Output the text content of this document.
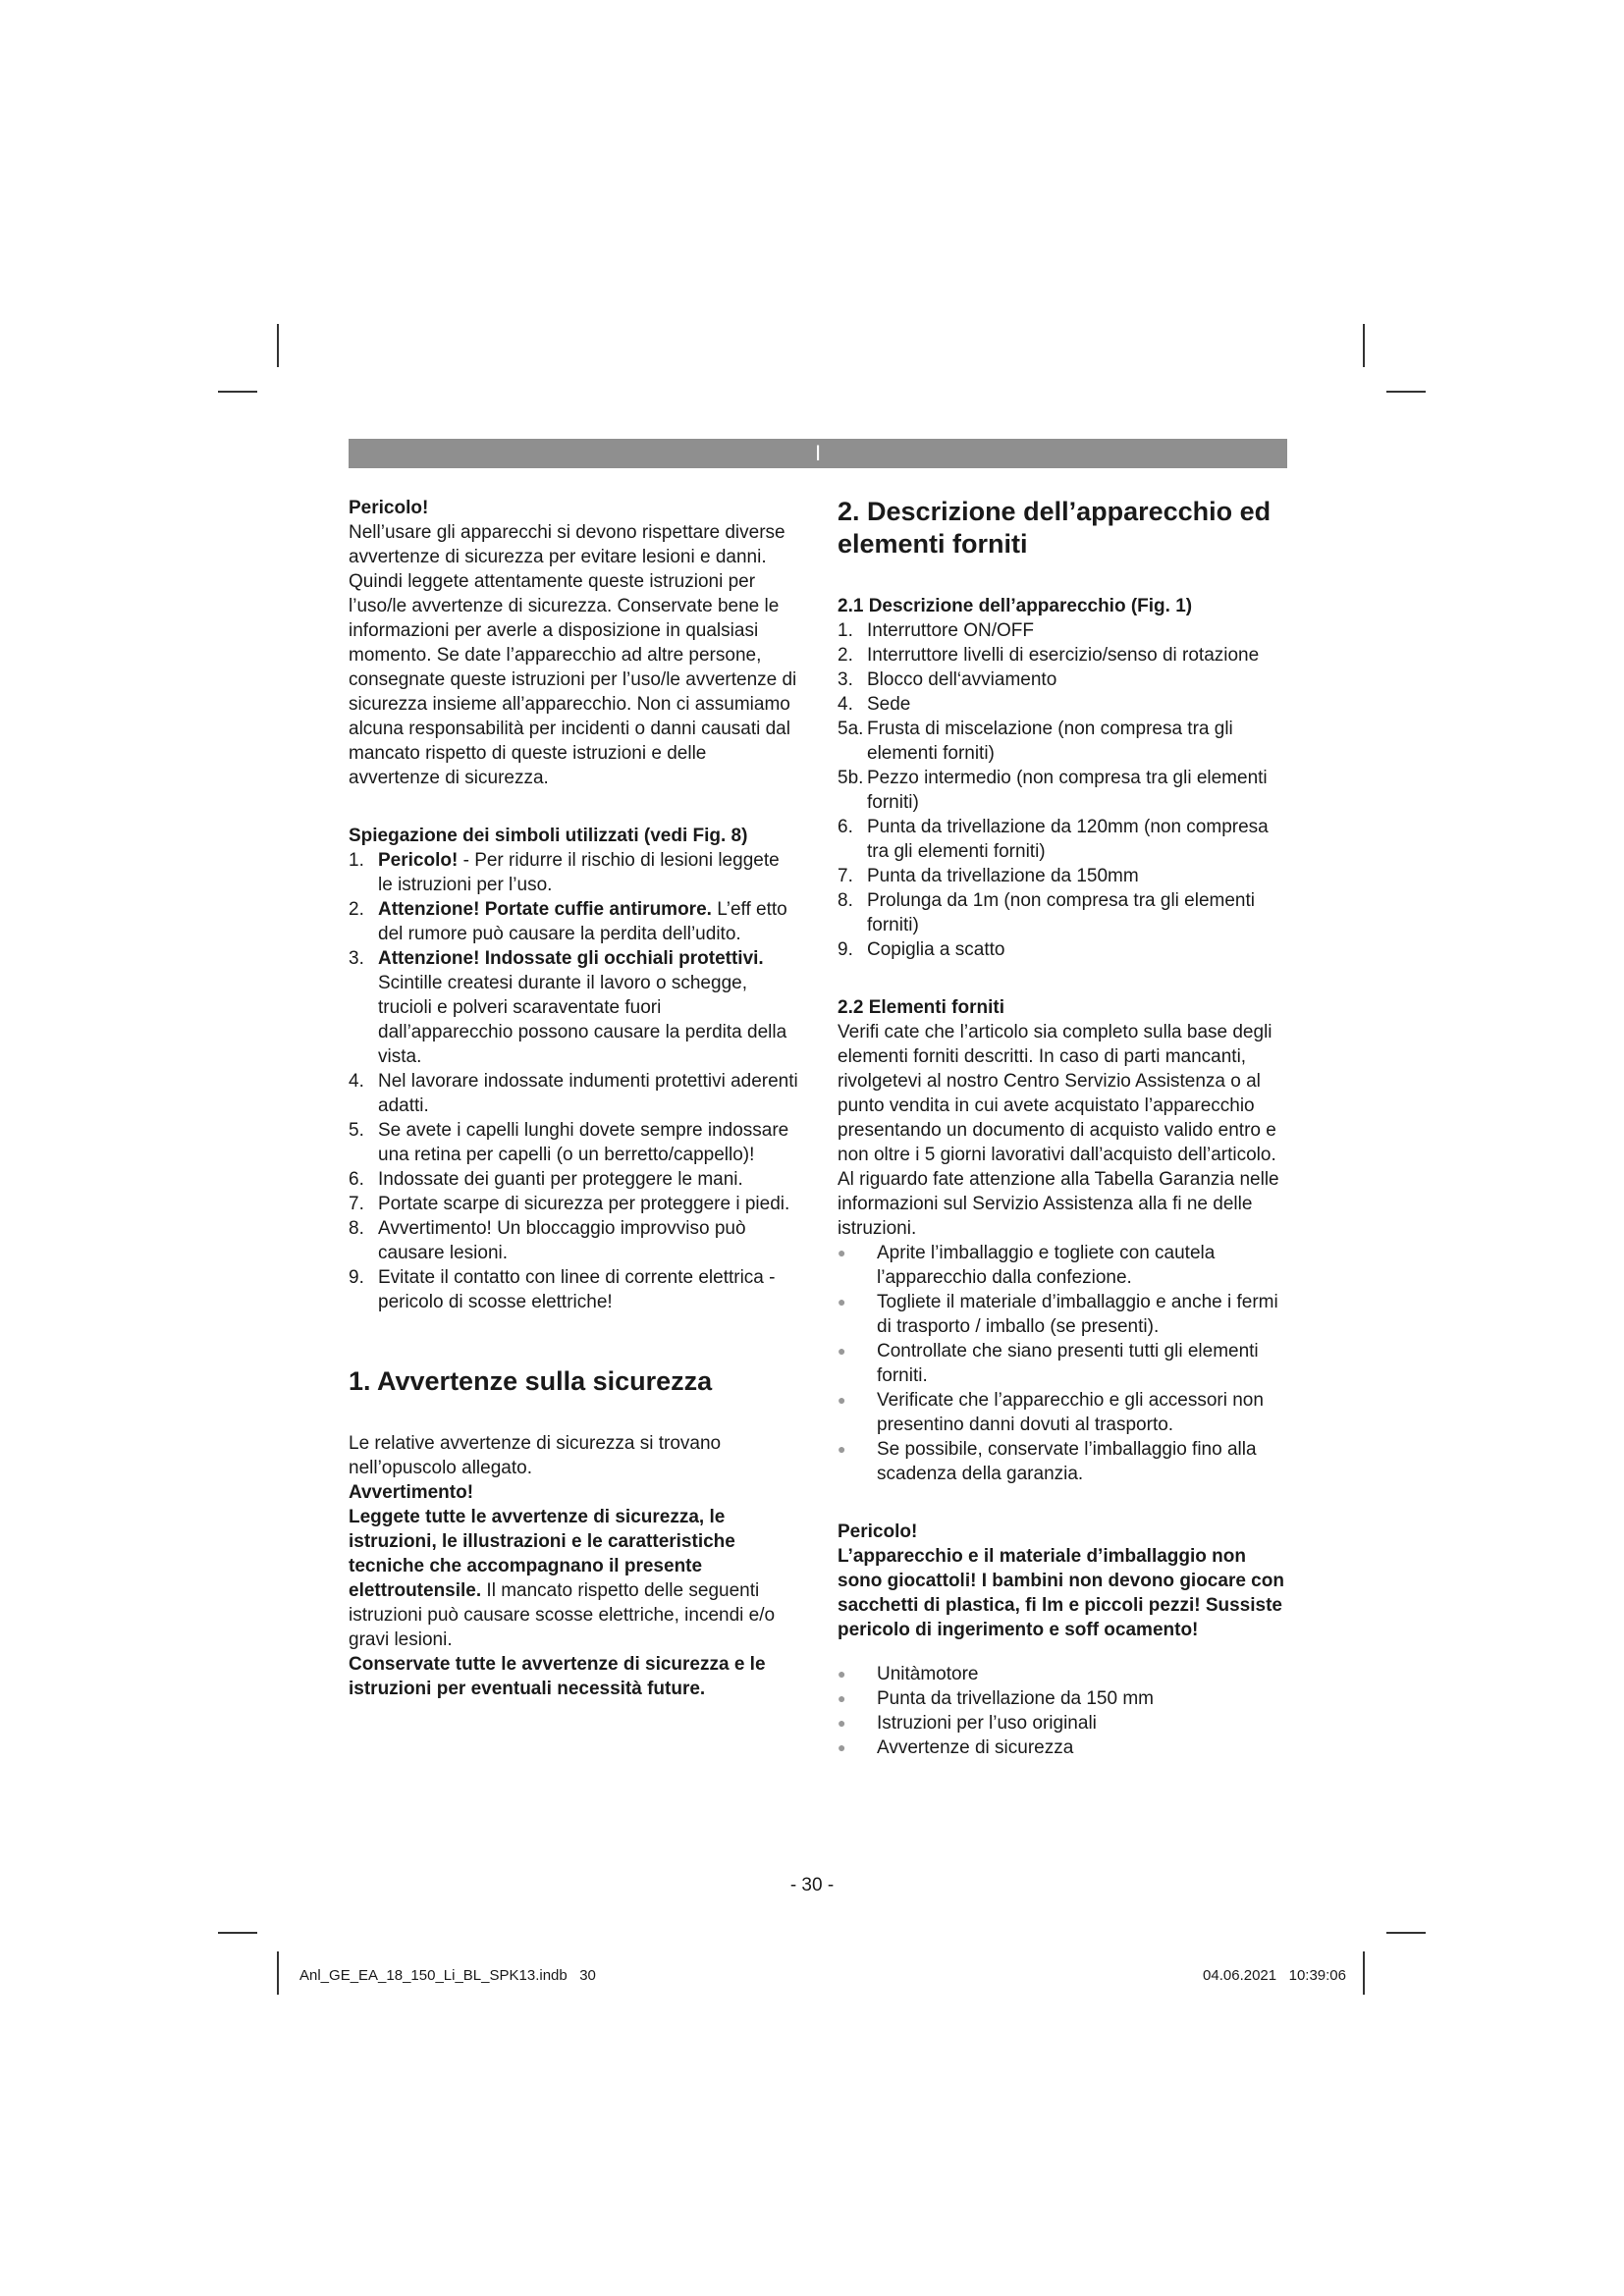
I

Pericolo!

Nell’usare gli apparecchi si devono rispettare diverse avvertenze di sicurezza per evitare lesioni e danni. Quindi leggete attentamente queste istruzioni per l’uso/le avvertenze di sicurezza. Conservate bene le informazioni per averle a disposizione in qualsiasi momento. Se date l’apparecchio ad altre persone, consegnate queste istruzioni per l’uso/le avvertenze di sicurezza insieme all’apparecchio. Non ci assumiamo alcuna responsabilità per incidenti o danni causati dal mancato rispetto di queste istruzioni e delle avvertenze di sicurezza.

Spiegazione dei simboli utilizzati (vedi Fig. 8)

1. Pericolo! - Per ridurre il rischio di lesioni leggete le istruzioni per l’uso.
2. Attenzione! Portate cuffie antirumore. L’eff etto del rumore può causare la perdita dell’udito.
3. Attenzione! Indossate gli occhiali protettivi. Scintille createsi durante il lavoro o schegge, trucioli e polveri scaraventate fuori dall’apparecchio possono causare la perdita della vista.
4. Nel lavorare indossate indumenti protettivi aderenti adatti.
5. Se avete i capelli lunghi dovete sempre indossare una retina per capelli (o un berretto/cappello)!
6. Indossate dei guanti per proteggere le mani.
7. Portate scarpe di sicurezza per proteggere i piedi.
8. Avvertimento! Un bloccaggio improvviso può causare lesioni.
9. Evitate il contatto con linee di corrente elettrica - pericolo di scosse elettriche!

1. Avvertenze sulla sicurezza

Le relative avvertenze di sicurezza si trovano nell’opuscolo allegato.

Avvertimento!

Leggete tutte le avvertenze di sicurezza, le istruzioni, le illustrazioni e le caratteristiche tecniche che accompagnano il presente elettroutensile. Il mancato rispetto delle seguenti istruzioni può causare scosse elettriche, incendi e/o gravi lesioni.

Conservate tutte le avvertenze di sicurezza e le istruzioni per eventuali necessità future.

2. Descrizione dell’apparecchio ed elementi forniti

2.1 Descrizione dell’apparecchio (Fig. 1)

1. Interruttore ON/OFF
2. Interruttore livelli di esercizio/senso di rotazione
3. Blocco dell‘avviamento
4. Sede
5a. Frusta di miscelazione (non compresa tra gli elementi forniti)
5b. Pezzo intermedio (non compresa tra gli elementi forniti)
6. Punta da trivellazione da 120mm (non compresa tra gli elementi forniti)
7. Punta da trivellazione da 150mm
8. Prolunga da 1m (non compresa tra gli elementi forniti)
9. Copiglia a scatto

2.2 Elementi forniti

Verifi cate che l’articolo sia completo sulla base degli elementi forniti descritti. In caso di parti mancanti, rivolgetevi al nostro Centro Servizio Assistenza o al punto vendita in cui avete acquistato l’apparecchio presentando un documento di acquisto valido entro e non oltre i 5 giorni lavorativi dall’acquisto dell’articolo. Al riguardo fate attenzione alla Tabella Garanzia nelle informazioni sul Servizio Assistenza alla fi ne delle istruzioni.

●	Aprite l’imballaggio e togliete con cautela l’apparecchio dalla confezione.
●	Togliete il materiale d’imballaggio e anche i fermi di trasporto / imballo (se presenti).
●	Controllate che siano presenti tutti gli elementi forniti.
●	Verificate che l’apparecchio e gli accessori non presentino danni dovuti al trasporto.
●	Se possibile, conservate l’imballaggio fino alla scadenza della garanzia.

Pericolo!

L’apparecchio e il materiale d’imballaggio non sono giocattoli! I bambini non devono giocare con sacchetti di plastica, fi lm e piccoli pezzi! Sussiste pericolo di ingerimento e soff ocamento!

●	Unitàmotore
●	Punta da trivellazione da 150 mm
●	Istruzioni per l’uso originali
●	Avvertenze di sicurezza
- 30 -
Anl_GE_EA_18_150_Li_BL_SPK13.indb   30	04.06.2021   10:39:06
